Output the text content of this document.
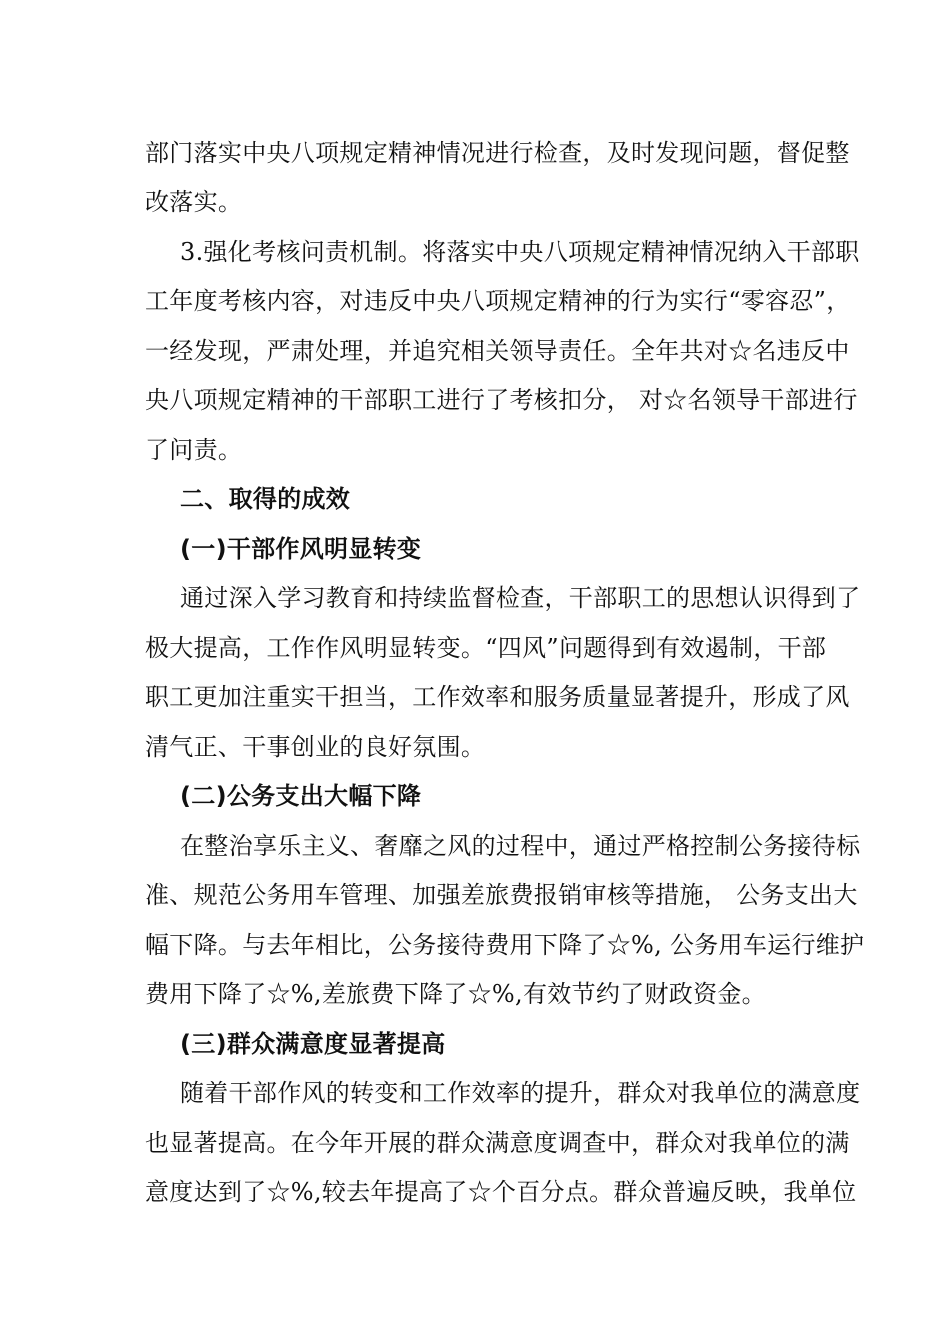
部门落实中央八项规定精神情况进行检查，及时发现问题，督促整
改落实。
3.强化考核问责机制。将落实中央八项规定精神情况纳入干部职
工年度考核内容，对违反中央八项规定精神的行为实行“零容忍”，
一经发现，严肃处理，并追究相关领导责任。全年共对☆名违反中
央八项规定精神的干部职工进行了考核扣分， 对☆名领导干部进行
了问责。
二、取得的成效
(一)干部作风明显转变
通过深入学习教育和持续监督检查，干部职工的思想认识得到了
极大提高，工作作风明显转变。“四风”问题得到有效遏制，干部
职工更加注重实干担当，工作效率和服务质量显著提升，形成了风
清气正、干事创业的良好氛围。
(二)公务支出大幅下降
在整治享乐主义、奢靡之风的过程中，通过严格控制公务接待标
准、规范公务用车管理、加强差旅费报销审核等措施， 公务支出大
幅下降。与去年相比，公务接待费用下降了☆%, 公务用车运行维护
费用下降了☆%,差旅费下降了☆%,有效节约了财政资金。
(三)群众满意度显著提高
随着干部作风的转变和工作效率的提升，群众对我单位的满意度
也显著提高。在今年开展的群众满意度调查中，群众对我单位的满
意度达到了☆%,较去年提高了☆个百分点。群众普遍反映，我单位
